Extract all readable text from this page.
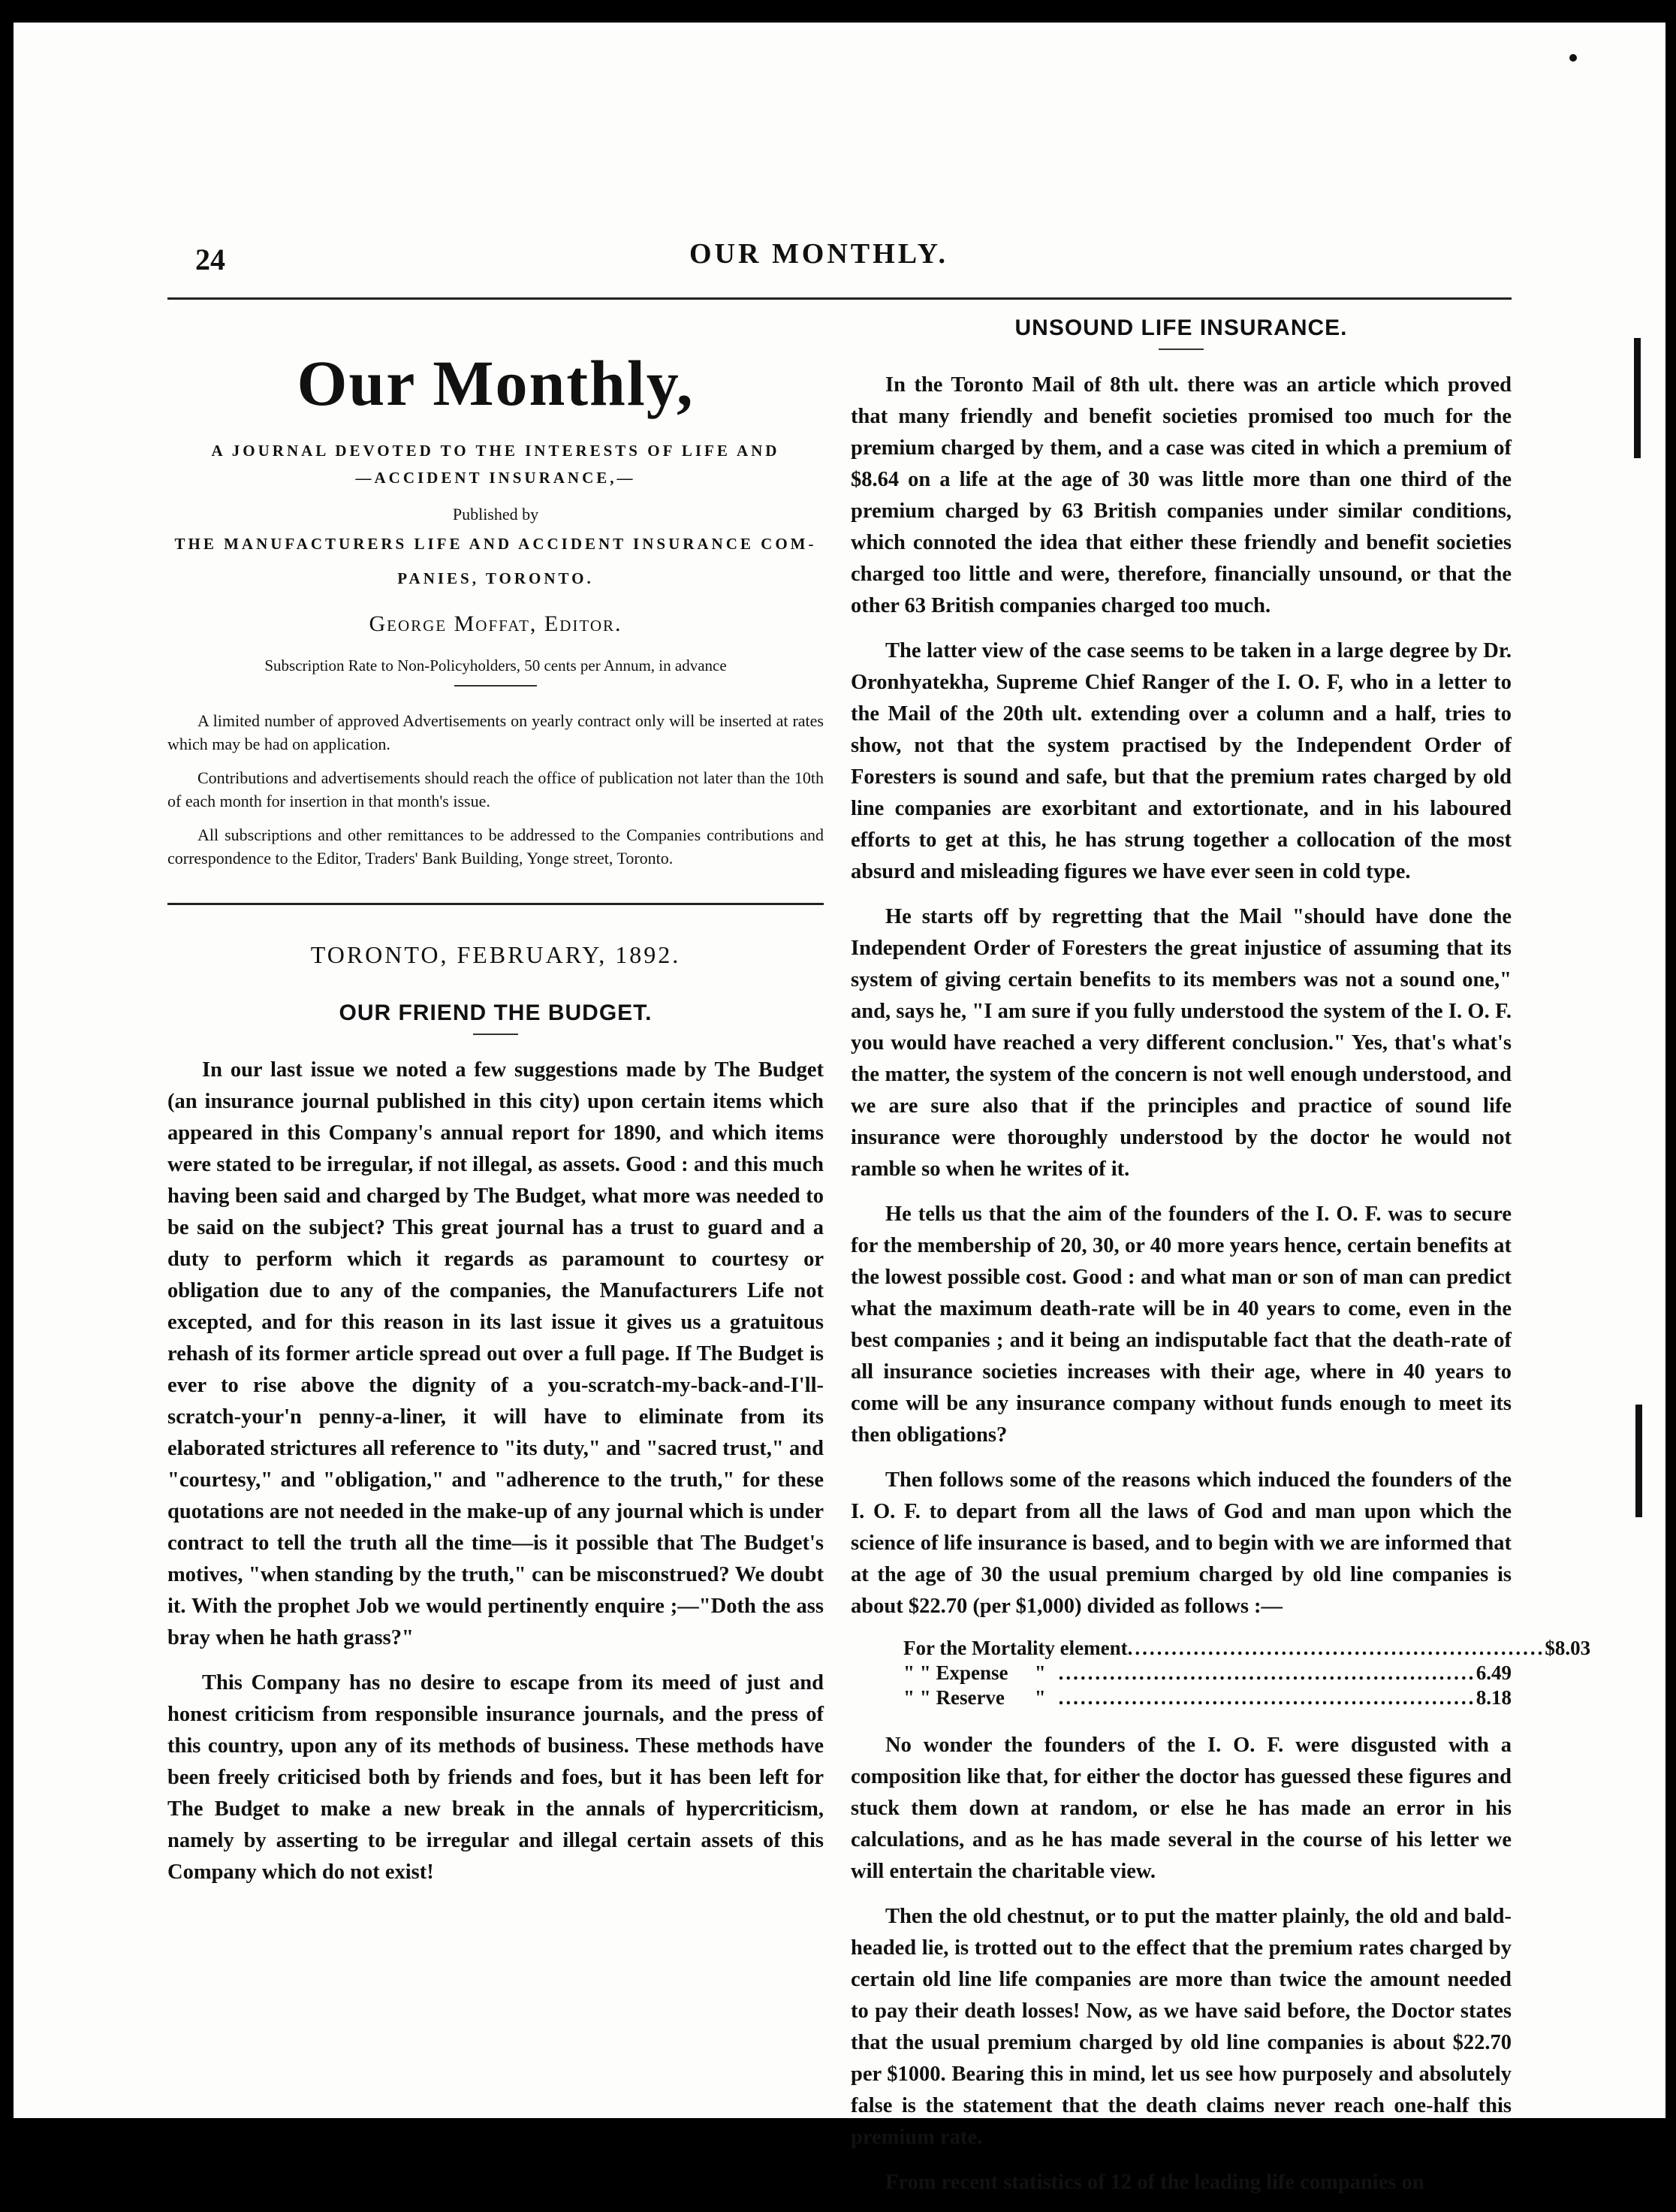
24	OUR MONTHLY.
Our Monthly,
A JOURNAL DEVOTED TO THE INTERESTS OF LIFE AND
—ACCIDENT INSURANCE,—
Published by
THE MANUFACTURERS LIFE AND ACCIDENT INSURANCE COM-
PANIES, TORONTO.
George Moffat, Editor.

Subscription Rate to Non-Policyholders, 50 cents per Annum, in advance

A limited number of approved Advertisements on yearly contract only will be inserted at rates which may be had on application.

Contributions and advertisements should reach the office of publication not later than the 10th of each month for insertion in that month's issue.

All subscriptions and other remittances to be addressed to the Companies contributions and correspondence to the Editor, Traders' Bank Building, Yonge street, Toronto.

TORONTO, FEBRUARY, 1892.
OUR FRIEND THE BUDGET.

In our last issue we noted a few suggestions made by The Budget (an insurance journal published in this city) upon certain items which appeared in this Company's annual report for 1890, and which items were stated to be irregular, if not illegal, as assets. Good : and this much having been said and charged by The Budget, what more was needed to be said on the subject? This great journal has a trust to guard and a duty to perform which it regards as paramount to courtesy or obligation due to any of the companies, the Manufacturers Life not excepted, and for this reason in its last issue it gives us a gratuitous rehash of its former article spread out over a full page. If The Budget is ever to rise above the dignity of a you-scratch-my-back-and-I'll-scratch-your'n penny-a-liner, it will have to eliminate from its elaborated strictures all reference to "its duty," and "sacred trust," and "courtesy," and "obligation," and "adherence to the truth," for these quotations are not needed in the make-up of any journal which is under contract to tell the truth all the time—is it possible that The Budget's motives, "when standing by the truth," can be misconstrued? We doubt it. With the prophet Job we would pertinently enquire ;—"Doth the ass bray when he hath grass?"

This Company has no desire to escape from its meed of just and honest criticism from responsible insurance journals, and the press of this country, upon any of its methods of business. These methods have been freely criticised both by friends and foes, but it has been left for The Budget to make a new break in the annals of hypercriticism, namely by asserting to be irregular and illegal certain assets of this Company which do not exist!

UNSOUND LIFE INSURANCE.

In the Toronto Mail of 8th ult. there was an article which proved that many friendly and benefit societies promised too much for the premium charged by them, and a case was cited in which a premium of $8.64 on a life at the age of 30 was little more than one third of the premium charged by 63 British companies under similar conditions, which connoted the idea that either these friendly and benefit societies charged too little and were, therefore, financially unsound, or that the other 63 British companies charged too much.

The latter view of the case seems to be taken in a large degree by Dr. Oronhyatekha, Supreme Chief Ranger of the I. O. F, who in a letter to the Mail of the 20th ult. extending over a column and a half, tries to show, not that the system practised by the Independent Order of Foresters is sound and safe, but that the premium rates charged by old line companies are exorbitant and extortionate, and in his laboured efforts to get at this, he has strung together a collocation of the most absurd and misleading figures we have ever seen in cold type.

He starts off by regretting that the Mail "should have done the Independent Order of Foresters the great injustice of assuming that its system of giving certain benefits to its members was not a sound one," and, says he, "I am sure if you fully understood the system of the I. O. F. you would have reached a very different conclusion." Yes, that's what's the matter, the system of the concern is not well enough understood, and we are sure also that if the principles and practice of sound life insurance were thoroughly understood by the doctor he would not ramble so when he writes of it.

He tells us that the aim of the founders of the I. O. F. was to secure for the membership of 20, 30, or 40 more years hence, certain benefits at the lowest possible cost. Good : and what man or son of man can predict what the maximum death-rate will be in 40 years to come, even in the best companies ; and it being an indisputable fact that the death-rate of all insurance societies increases with their age, where in 40 years to come will be any insurance company without funds enough to meet its then obligations?

Then follows some of the reasons which induced the founders of the I. O. F. to depart from all the laws of God and man upon which the science of life insurance is based, and to begin with we are informed that at the age of 30 the usual premium charged by old line companies is about $22.70 (per $1,000) divided as follows :—

For the Mortality element ......................................................... $8.03
" " Expense	" ......................................................... 6.49
" " Reserve	" ......................................................... 8.18

No wonder the founders of the I. O. F. were disgusted with a composition like that, for either the doctor has guessed these figures and stuck them down at random, or else he has made an error in his calculations, and as he has made several in the course of his letter we will entertain the charitable view.

Then the old chestnut, or to put the matter plainly, the old and bald-headed lie, is trotted out to the effect that the premium rates charged by certain old line life companies are more than twice the amount needed to pay their death losses! Now, as we have said before, the Doctor states that the usual premium charged by old line companies is about $22.70 per $1000. Bearing this in mind, let us see how purposely and absolutely false is the statement that the death claims never reach one-half this premium rate.

From recent statistics of 12 of the leading life companies on
